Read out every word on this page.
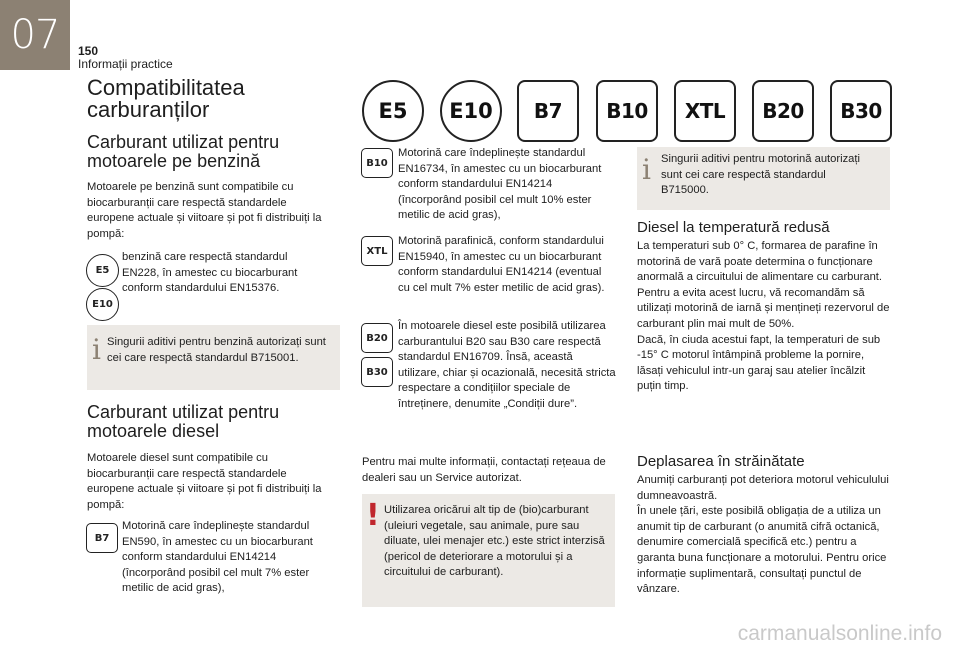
07	150
Informații practice
Compatibilitatea carburanților
Carburant utilizat pentru motoarele pe benzină

Motoarele pe benzină sunt compatibile cu biocarburanții care respectă standardele europene actuale și viitoare și pot fi distribuiți la pompă:

E5
E10

benzină care respectă standardul EN228, în amestec cu biocarburant conform standardului EN15376.

i Singurii aditivi pentru benzină autorizați sunt cei care respectă standardul B715001.

Carburant utilizat pentru motoarele diesel

Motoarele diesel sunt compatibile cu biocarburanții care respectă standardele europene actuale și viitoare și pot fi distribuiți la pompă:

B7

Motorină care îndeplinește standardul EN590, în amestec cu un biocarburant conform standardului EN14214 (încorporând posibil cel mult 7% ester metilic de acid gras),

E5	E10	B7	B10	XTL	B20	B30
B10

Motorină care îndeplinește standardul EN16734, în amestec cu un biocarburant conform standardului EN14214 (încorporând posibil cel mult 10% ester metilic de acid gras),

XTL

Motorină parafinică, conform standardului EN15940, în amestec cu un biocarburant conform standardului EN14214 (eventual cu cel mult 7% ester metilic de acid gras).

B20
B30

În motoarele diesel este posibilă utilizarea carburantului B20 sau B30 care respectă standardul EN16709. Însă, această utilizare, chiar și ocazională, necesită stricta respectare a condițiilor speciale de întreținere, denumite „Condiții dure”.

Pentru mai multe informații, contactați rețeaua de dealeri sau un Service autorizat.

! Utilizarea oricărui alt tip de (bio)carburant (uleiuri vegetale, sau animale, pure sau diluate, ulei menajer etc.) este strict interzisă (pericol de deteriorare a motorului și a circuitului de carburant).

i Singurii aditivi pentru motorină autorizați sunt cei care respectă standardul B715000.

Diesel la temperatură redusă

La temperaturi sub 0° C, formarea de parafine în motorină de vară poate determina o funcționare anormală a circuitului de alimentare cu carburant. Pentru a evita acest lucru, vă recomandăm să utilizați motorină de iarnă și mențineți rezervorul de carburant plin mai mult de 50%.
Dacă, în ciuda acestui fapt, la temperaturi de sub -15° C motorul întâmpină probleme la pornire, lăsați vehiculul intr-un garaj sau atelier încălzit puțin timp.

Deplasarea în străinătate

Anumiți carburanți pot deteriora motorul vehiculului dumneavoastră.
În unele țări, este posibilă obligația de a utiliza un anumit tip de carburant (o anumită cifră octanică, denumire comercială specifică etc.) pentru a garanta buna funcționare a motorului. Pentru orice informație suplimentară, consultați punctul de vânzare.

carmanualsonline.info
